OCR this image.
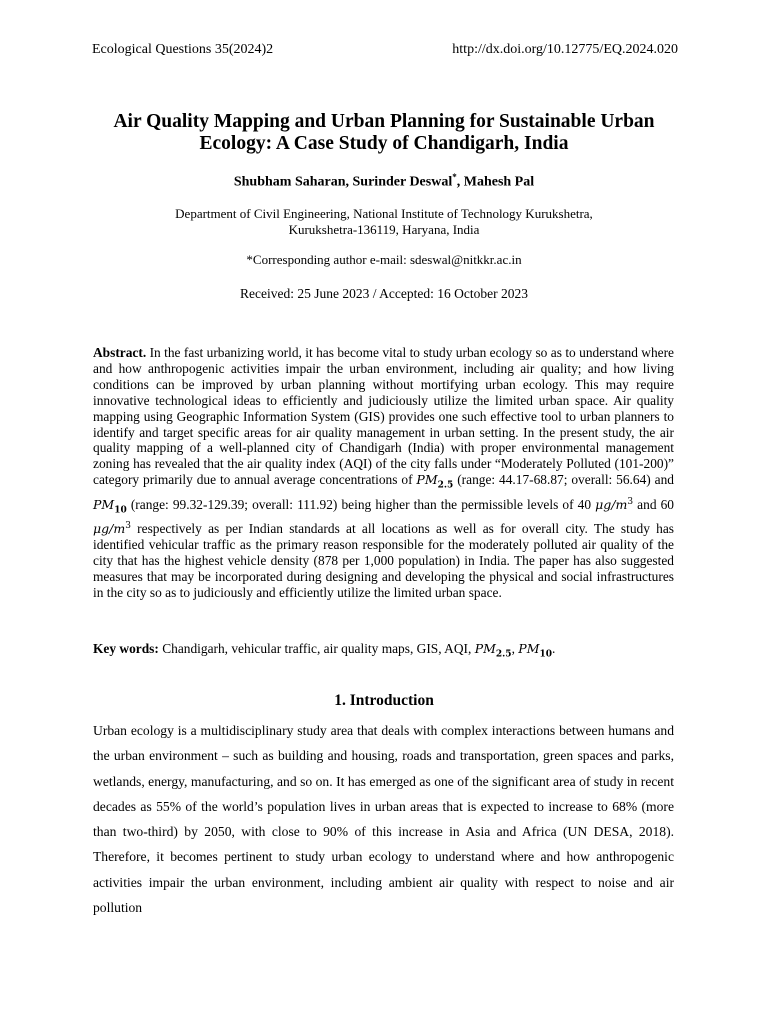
Ecological Questions 35(2024)2	http://dx.doi.org/10.12775/EQ.2024.020
Air Quality Mapping and Urban Planning for Sustainable Urban
Ecology: A Case Study of Chandigarh, India
Shubham Saharan, Surinder Deswal*, Mahesh Pal
Department of Civil Engineering, National Institute of Technology Kurukshetra,
Kurukshetra-136119, Haryana, India
*Corresponding author e-mail: sdeswal@nitkkr.ac.in
Received: 25 June 2023 / Accepted: 16 October 2023
Abstract. In the fast urbanizing world, it has become vital to study urban ecology so as to understand where and how anthropogenic activities impair the urban environment, including air quality; and how living conditions can be improved by urban planning without mortifying urban ecology. This may require innovative technological ideas to efficiently and judiciously utilize the limited urban space. Air quality mapping using Geographic Information System (GIS) provides one such effective tool to urban planners to identify and target specific areas for air quality management in urban setting. In the present study, the air quality mapping of a well-planned city of Chandigarh (India) with proper environmental management zoning has revealed that the air quality index (AQI) of the city falls under “Moderately Polluted (101-200)” category primarily due to annual average concentrations of $PM_{2.5}$ (range: 44.17-68.87; overall: 56.64) and $PM_{10}$ (range: 99.32-129.39; overall: 111.92) being higher than the permissible levels of 40 $\mu g/m^3$ and 60 $\mu g/m^3$ respectively as per Indian standards at all locations as well as for overall city. The study has identified vehicular traffic as the primary reason responsible for the moderately polluted air quality of the city that has the highest vehicle density (878 per 1,000 population) in India. The paper has also suggested measures that may be incorporated during designing and developing the physical and social infrastructures in the city so as to judiciously and efficiently utilize the limited urban space.
Key words: Chandigarh, vehicular traffic, air quality maps, GIS, AQI, $PM_{2.5}$, $PM_{10}$.
1. Introduction

Urban ecology is a multidisciplinary study area that deals with complex interactions between humans and the urban environment – such as building and housing, roads and transportation, green spaces and parks, wetlands, energy, manufacturing, and so on. It has emerged as one of the significant area of study in recent decades as 55% of the world’s population lives in urban areas that is expected to increase to 68% (more than two-third) by 2050, with close to 90% of this increase in Asia and Africa (UN DESA, 2018). Therefore, it becomes pertinent to study urban ecology to understand where and how anthropogenic activities impair the urban environment, including ambient air quality with respect to noise and air pollution
